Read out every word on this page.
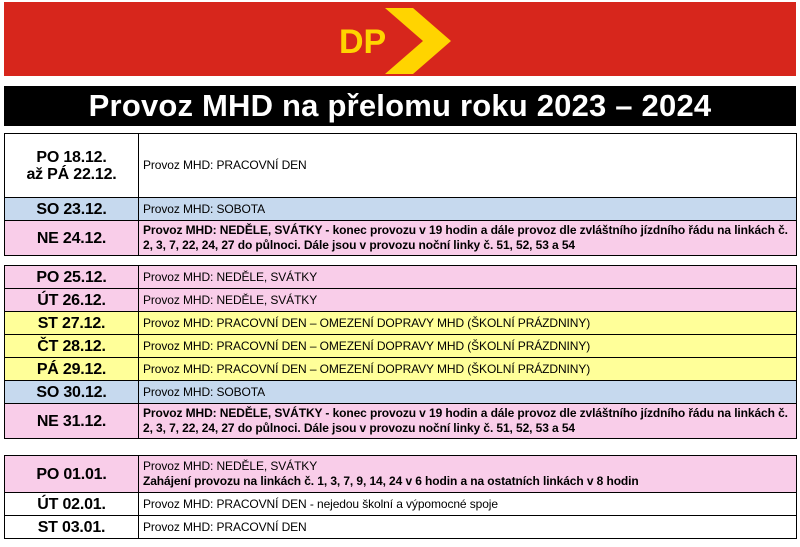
DP
Provoz MHD na přelomu roku 2023 – 2024
PO 18.12.
až PÁ 22.12.	Provoz MHD: PRACOVNÍ DEN
SO 23.12.	Provoz MHD: SOBOTA
NE 24.12.	Provoz MHD: NEDĚLE, SVÁTKY - konec provozu v 19 hodin a dále provoz dle zvláštního jízdního řádu na linkách č. 2, 3, 7, 22, 24, 27 do půlnoci. Dále jsou v provozu noční linky č. 51, 52, 53 a 54
PO 25.12.	Provoz MHD: NEDĚLE, SVÁTKY
ÚT 26.12.	Provoz MHD: NEDĚLE, SVÁTKY
ST 27.12.	Provoz MHD: PRACOVNÍ DEN – OMEZENÍ DOPRAVY MHD (ŠKOLNÍ PRÁZDNINY)
ČT 28.12.	Provoz MHD: PRACOVNÍ DEN – OMEZENÍ DOPRAVY MHD (ŠKOLNÍ PRÁZDNINY)
PÁ 29.12.	Provoz MHD: PRACOVNÍ DEN – OMEZENÍ DOPRAVY MHD (ŠKOLNÍ PRÁZDNINY)
SO 30.12.	Provoz MHD: SOBOTA
NE 31.12.	Provoz MHD: NEDĚLE, SVÁTKY - konec provozu v 19 hodin a dále provoz dle zvláštního jízdního řádu na linkách č. 2, 3, 7, 22, 24, 27 do půlnoci. Dále jsou v provozu noční linky č. 51, 52, 53 a 54
PO 01.01.	Provoz MHD: NEDĚLE, SVÁTKY
Zahájení provozu na linkách č. 1, 3, 7, 9, 14, 24 v 6 hodin a na ostatních linkách v 8 hodin

ÚT 02.01.	Provoz MHD: PRACOVNÍ DEN - nejedou školní a výpomocné spoje
ST 03.01.	Provoz MHD: PRACOVNÍ DEN
